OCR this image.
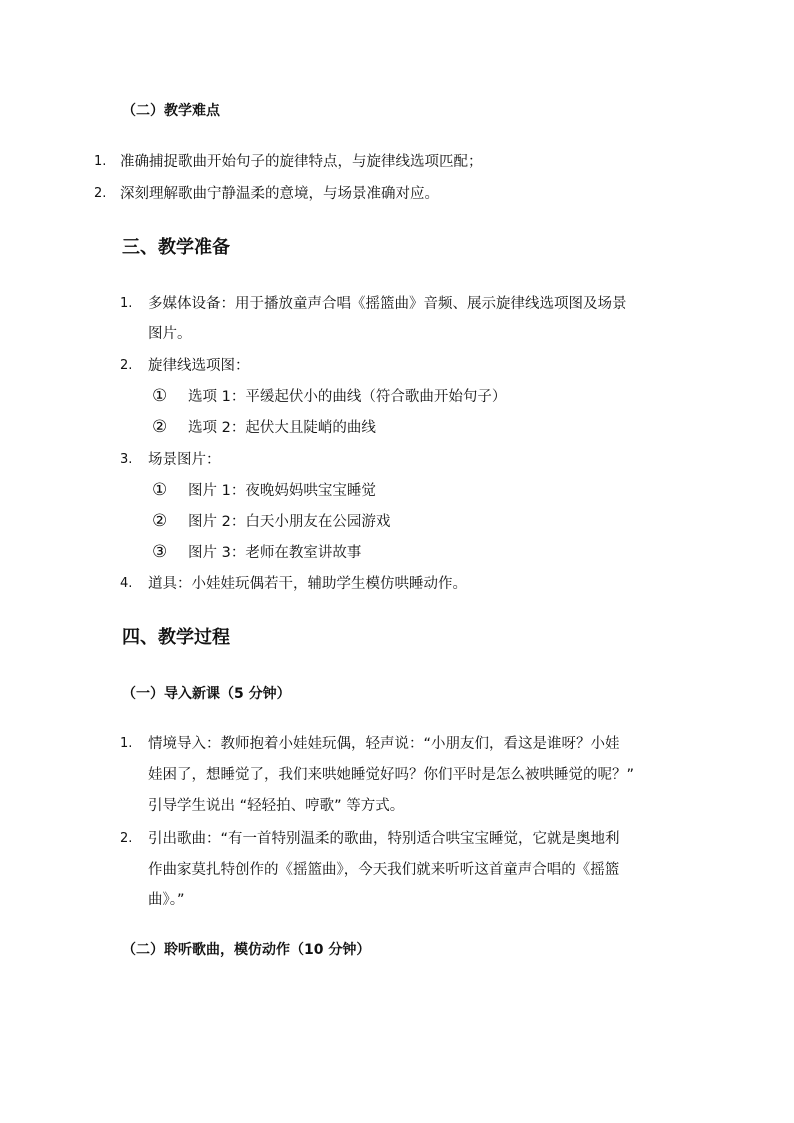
（二）教学难点
1. 准确捕捉歌曲开始句子的旋律特点，与旋律线选项匹配；
2. 深刻理解歌曲宁静温柔的意境，与场景准确对应。
三、教学准备
1. 多媒体设备：用于播放童声合唱《摇篮曲》音频、展示旋律线选项图及场景
图片。
2. 旋律线选项图：
① 选项 1：平缓起伏小的曲线（符合歌曲开始句子）
② 选项 2：起伏大且陡峭的曲线
3. 场景图片：
① 图片 1：夜晚妈妈哄宝宝睡觉
② 图片 2：白天小朋友在公园游戏
③ 图片 3：老师在教室讲故事
4. 道具：小娃娃玩偶若干，辅助学生模仿哄睡动作。
四、教学过程
（一）导入新课（5 分钟）
1. 情境导入：教师抱着小娃娃玩偶，轻声说：“小朋友们，看这是谁呀？小娃
娃困了，想睡觉了，我们来哄她睡觉好吗？你们平时是怎么被哄睡觉的呢？”
引导学生说出 “轻轻拍、哼歌” 等方式。
2. 引出歌曲：“有一首特别温柔的歌曲，特别适合哄宝宝睡觉，它就是奥地利
作曲家莫扎特创作的《摇篮曲》，今天我们就来听听这首童声合唱的《摇篮
曲》。”
（二）聆听歌曲，模仿动作（10 分钟）
